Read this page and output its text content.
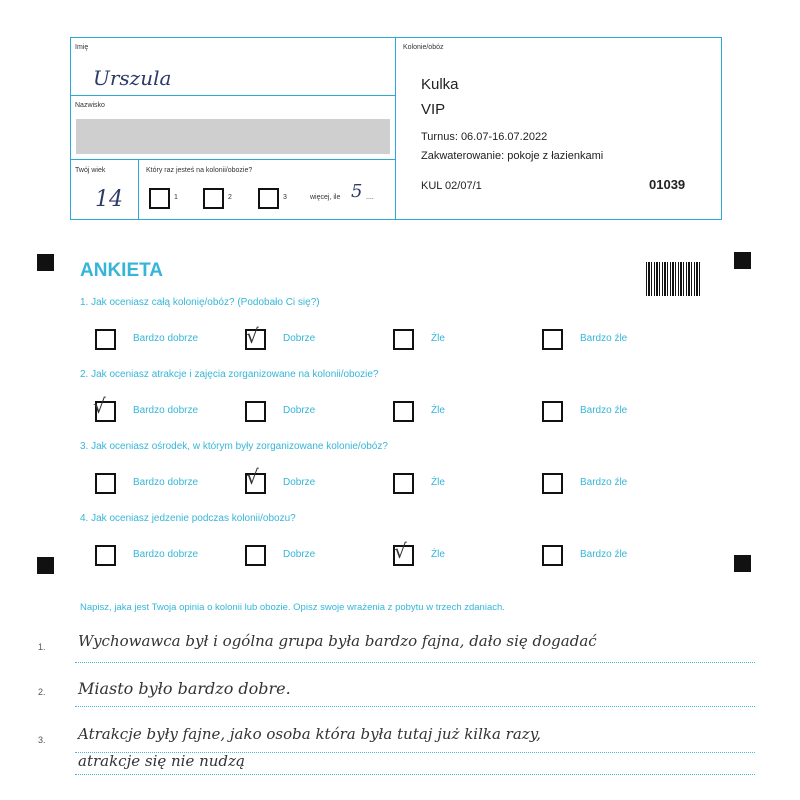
Imię
Urszula
Nazwisko
Twój wiek
14
Który raz jesteś na kolonii/obozie?
1	2	3	więcej, ile 5 ....
Kolonie/obóz
Kulka
VIP
Turnus: 06.07-16.07.2022
Zakwaterowanie: pokoje z łazienkami
KUL 02/07/1	01039
ANKIETA
1. Jak oceniasz całą kolonię/obóz? (Podobało Ci się?)
Bardzo dobrze √ Dobrze	Źle	Bardzo źle
2. Jak oceniasz atrakcje i zajęcia zorganizowane na kolonii/obozie?
√	Bardzo dobrze	Dobrze	Źle	Bardzo źle
3. Jak oceniasz ośrodek, w którym były zorganizowane kolonie/obóz?
Bardzo dobrze √ Dobrze	Źle	Bardzo źle
4. Jak oceniasz jedzenie podczas kolonii/obozu?
Bardzo dobrze	Dobrze	√ Źle	Bardzo źle
Napisz, jaka jest Twoja opinia o kolonii lub obozie. Opisz swoje wrażenia z pobytu w trzech zdaniach.
1. Wychowawca był i ogólna grupa była bardzo fajna, dało się dogadać
2. Miasto było bardzo dobre.
3. Atrakcje były fajne, jako osoba która była tutaj już kilka razy,
atrakcje się nie nudzą
